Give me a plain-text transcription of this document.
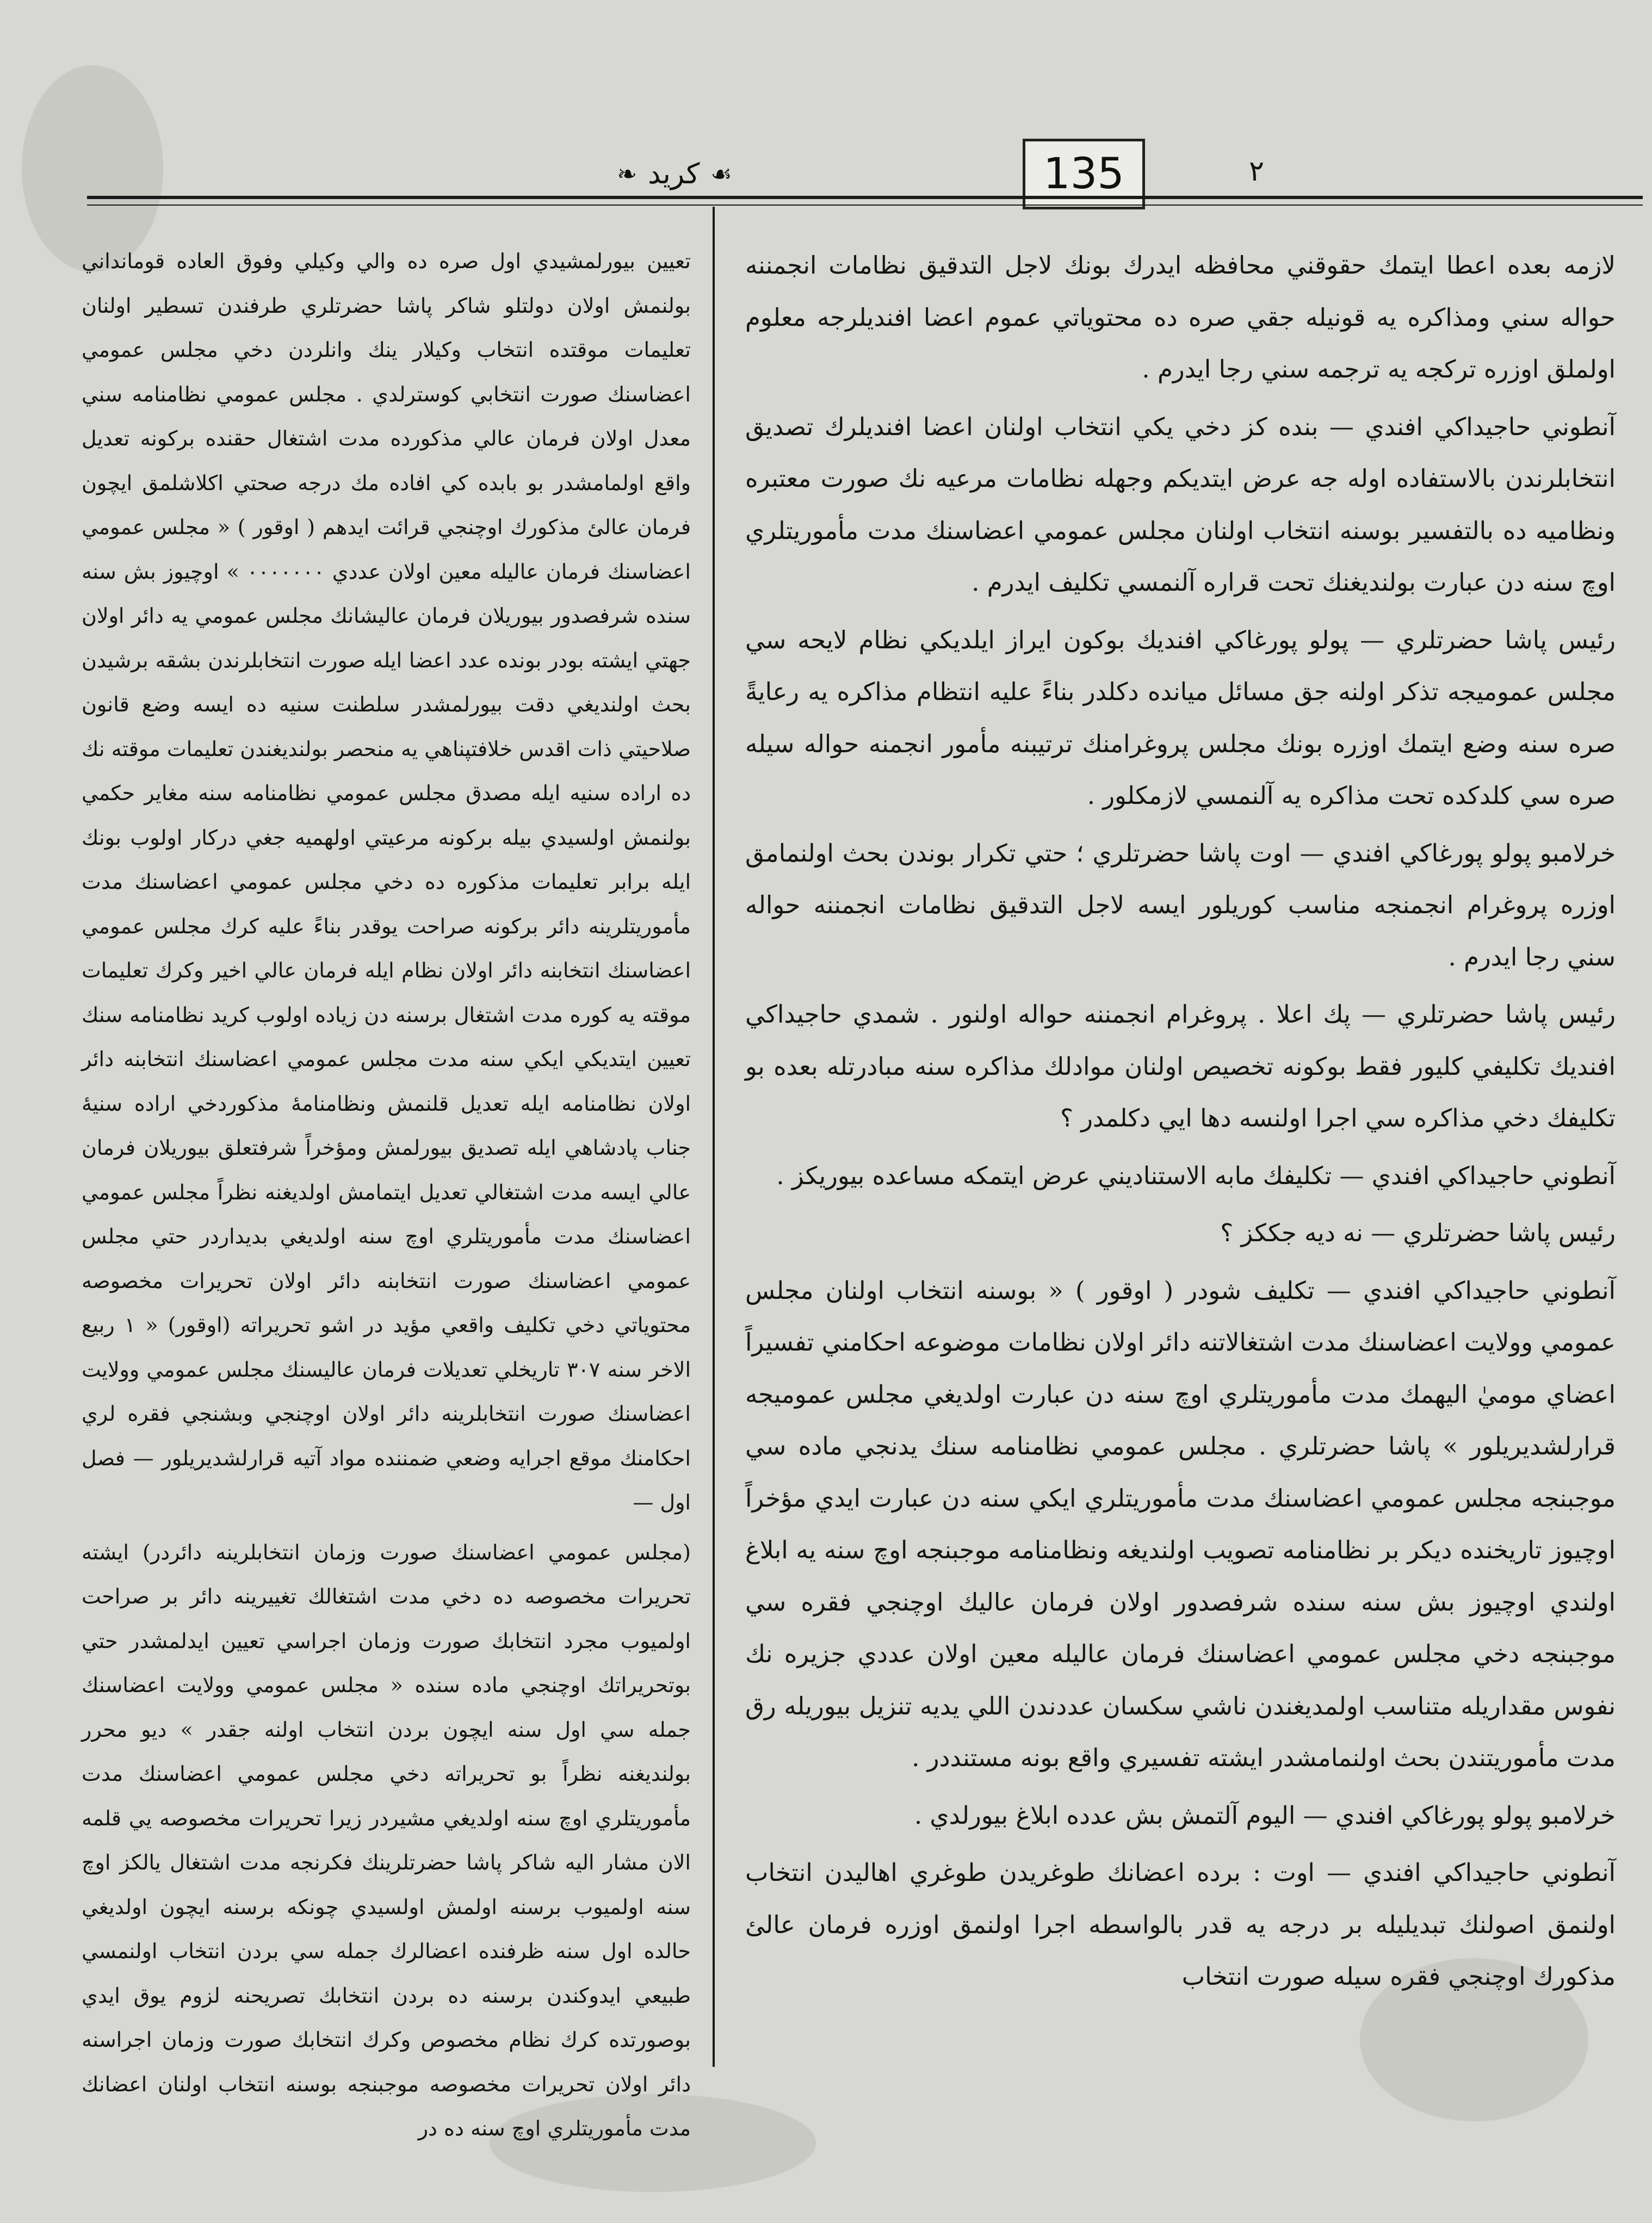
☙
كريد
❧	135	٢

لازمه بعده اعطا ايتمك حقوقني محافظه ايدرك بونك لاجل التدقيق نظامات انجمننه حواله سني ومذاكره يه قونيله جقي صره ده محتوياتي عموم اعضا افنديلرجه معلوم اولملق اوزره تركجه يه ترجمه سني رجا ايدرم .

آنطوني حاجيداكي افندي — بنده كز دخي يكي انتخاب اولنان اعضا افنديلرك تصديق انتخابلرندن بالاستفاده اوله جه عرض ايتديكم وجهله نظامات مرعيه نك صورت معتبره ونظاميه ده بالتفسير بوسنه انتخاب اولنان مجلس عمومي اعضاسنك مدت مأموريتلري اوچ سنه دن عبارت بولنديغنك تحت قراره آلنمسي تكليف ايدرم .

رئيس پاشا حضرتلري — پولو پورغاكي افنديك بوكون ايراز ايلديكي نظام لايحه سي مجلس عموميجه تذكر اولنه جق مسائل ميانده دكلدر بناءً عليه انتظام مذاكره يه رعايةً صره سنه وضع ايتمك اوزره بونك مجلس پروغرامنك ترتيبنه مأمور انجمنه حواله سيله صره سي كلدكده تحت مذاكره يه آلنمسي لازمكلور .

خرلامبو پولو پورغاكي افندي — اوت پاشا حضرتلري ؛ حتي تكرار بوندن بحث اولنمامق اوزره پروغرام انجمنجه مناسب كوريلور ايسه لاجل التدقيق نظامات انجمننه حواله سني رجا ايدرم .

رئيس پاشا حضرتلري — پك اعلا . پروغرام انجمننه حواله اولنور . شمدي حاجيداكي افنديك تكليفي كليور فقط بوكونه تخصيص اولنان موادلك مذاكره سنه مبادرتله بعده بو تكليفك دخي مذاكره سي اجرا اولنسه دها ايي دكلمدر ؟

آنطوني حاجيداكي افندي — تكليفك مابه الاستناديني عرض ايتمكه مساعده بيوريكز .

رئيس پاشا حضرتلري — نه ديه جككز ؟

آنطوني حاجيداكي افندي — تكليف شودر ( اوقور ) « بوسنه انتخاب اولنان مجلس عمومي وولايت اعضاسنك مدت اشتغالاتنه دائر اولان نظامات موضوعه احكامني تفسيراً اعضاي موميٰ اليهمك مدت مأموريتلري اوچ سنه دن عبارت اولديغي مجلس عموميجه قرارلشديريلور » پاشا حضرتلري . مجلس عمومي نظامنامه سنك يدنجي ماده سي موجبنجه مجلس عمومي اعضاسنك مدت مأموريتلري ايكي سنه دن عبارت ايدي مؤخراً اوچيوز تاريخنده ديكر بر نظامنامه تصويب اولنديغه ونظامنامه موجبنجه اوچ سنه يه ابلاغ اولندي اوچيوز بش سنه سنده شرفصدور اولان فرمان عاليك اوچنجي فقره سي موجبنجه دخي مجلس عمومي اعضاسنك فرمان عاليله معين اولان عددي جزيره نك نفوس مقداريله متناسب اولمديغندن ناشي سكسان عددندن اللي يديه تنزيل بيوريله رق مدت مأموريتندن بحث اولنمامشدر ايشته تفسيري واقع بونه مستنددر .

خرلامبو پولو پورغاكي افندي — اليوم آلتمش بش عدده ابلاغ بيورلدي .

آنطوني حاجيداكي افندي — اوت : برده اعضانك طوغريدن طوغري اهاليدن انتخاب اولنمق اصولنك تبديليله بر درجه يه قدر بالواسطه اجرا اولنمق اوزره فرمان عالئ مذكورك اوچنجي فقره سيله صورت انتخاب

تعيين بيورلمشيدي اول صره ده والي وكيلي وفوق العاده قومانداني بولنمش اولان دولتلو شاكر پاشا حضرتلري طرفندن تسطير اولنان تعليمات موقتده انتخاب وكيلار ينك وانلردن دخي مجلس عمومي اعضاسنك صورت انتخابي كوسترلدي . مجلس عمومي نظامنامه سني معدل اولان فرمان عالي مذكورده مدت اشتغال حقنده بركونه تعديل واقع اولمامشدر بو بابده كي افاده مك درجه صحتي اكلاشلمق ايچون فرمان عالئ مذكورك اوچنجي قرائت ايدهم ( اوقور ) « مجلس عمومي اعضاسنك فرمان عاليله معين اولان عددي ٠٠٠٠٠٠٠ » اوچيوز بش سنه سنده شرفصدور بيوريلان فرمان عاليشانك مجلس عمومي يه دائر اولان جهتي ايشته بودر بونده عدد اعضا ايله صورت انتخابلرندن بشقه برشيدن بحث اولنديغي دقت بيورلمشدر سلطنت سنيه ده ايسه وضع قانون صلاحيتي ذات اقدس خلافتپناهي يه منحصر بولنديغندن تعليمات موقته نك ده اراده سنيه ايله مصدق مجلس عمومي نظامنامه سنه مغاير حكمي بولنمش اولسيدي بيله بركونه مرعيتي اولهميه جغي دركار اولوب بونك ايله برابر تعليمات مذكوره ده دخي مجلس عمومي اعضاسنك مدت مأموريتلرينه دائر بركونه صراحت يوقدر بناءً عليه كرك مجلس عمومي اعضاسنك انتخابنه دائر اولان نظام ايله فرمان عالي اخير وكرك تعليمات موقته يه كوره مدت اشتغال برسنه دن زياده اولوب كريد نظامنامه سنك تعيين ايتديكي ايكي سنه مدت مجلس عمومي اعضاسنك انتخابنه دائر اولان نظامنامه ايله تعديل قلنمش ونظامنامهٔ مذكوردخي اراده سنيهٔ جناب پادشاهي ايله تصديق بيورلمش ومؤخراً شرفتعلق بيوريلان فرمان عالي ايسه مدت اشتغالي تعديل ايتمامش اولديغنه نظراً مجلس عمومي اعضاسنك مدت مأموريتلري اوچ سنه اولديغي بديداردر حتي مجلس عمومي اعضاسنك صورت انتخابنه دائر اولان تحريرات مخصوصه محتوياتي دخي تكليف واقعي مؤيد در اشو تحريراته (اوقور) « ١ ربيع الاخر سنه ٣٠٧ تاريخلي تعديلات فرمان عاليسنك مجلس عمومي وولايت اعضاسنك صورت انتخابلرينه دائر اولان اوچنجي وبشنجي فقره لري احكامنك موقع اجرايه وضعي ضمننده مواد آتيه قرارلشديريلور — فصل اول —

(مجلس عمومي اعضاسنك صورت وزمان انتخابلرينه دائردر) ايشته تحريرات مخصوصه ده دخي مدت اشتغالك تغييرينه دائر بر صراحت اولميوب مجرد انتخابك صورت وزمان اجراسي تعيين ايدلمشدر حتي بوتحريراتك اوچنجي ماده سنده « مجلس عمومي وولايت اعضاسنك جمله سي اول سنه ايچون بردن انتخاب اولنه جقدر » ديو محرر بولنديغنه نظراً بو تحريراته دخي مجلس عمومي اعضاسنك مدت مأموريتلري اوچ سنه اولديغي مشيردر زيرا تحريرات مخصوصه يي قلمه الان مشار اليه شاكر پاشا حضرتلرينك فكرنجه مدت اشتغال يالكز اوچ سنه اولميوب برسنه اولمش اولسيدي چونكه برسنه ايچون اولديغي حالده اول سنه ظرفنده اعضالرك جمله سي بردن انتخاب اولنمسي طبيعي ايدوكندن برسنه ده بردن انتخابك تصريحنه لزوم يوق ايدي بوصورتده كرك نظام مخصوص وكرك انتخابك صورت وزمان اجراسنه دائر اولان تحريرات مخصوصه موجبنجه بوسنه انتخاب اولنان اعضانك مدت مأموريتلري اوچ سنه ده در
